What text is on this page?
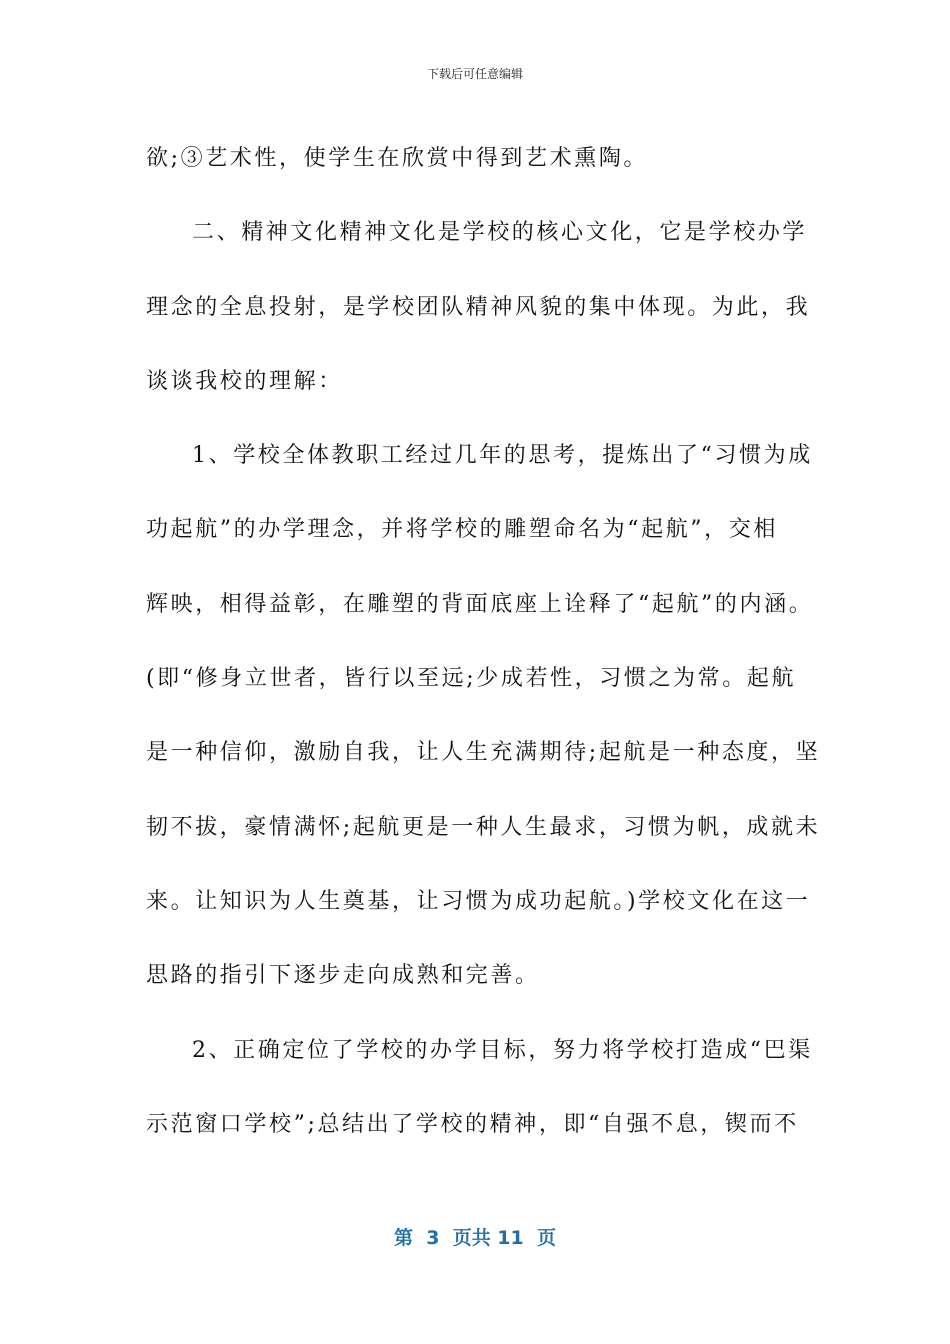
下载后可任意编辑
欲;③艺术性，使学生在欣赏中得到艺术熏陶。
二、精神文化精神文化是学校的核心文化，它是学校办学
理念的全息投射，是学校团队精神风貌的集中体现。为此，我
谈谈我校的理解：
1、学校全体教职工经过几年的思考，提炼出了“习惯为成
功起航”的办学理念，并将学校的雕塑命名为“起航”，交相
辉映，相得益彰，在雕塑的背面底座上诠释了“起航”的内涵。
(即“修身立世者，皆行以至远;少成若性，习惯之为常。起航
是一种信仰，激励自我，让人生充满期待;起航是一种态度，坚
韧不拔，豪情满怀;起航更是一种人生最求，习惯为帆，成就未
来。让知识为人生奠基，让习惯为成功起航。)学校文化在这一
思路的指引下逐步走向成熟和完善。
2、正确定位了学校的办学目标，努力将学校打造成“巴渠
示范窗口学校”;总结出了学校的精神，即“自强不息，锲而不
第  3  页共 11  页
